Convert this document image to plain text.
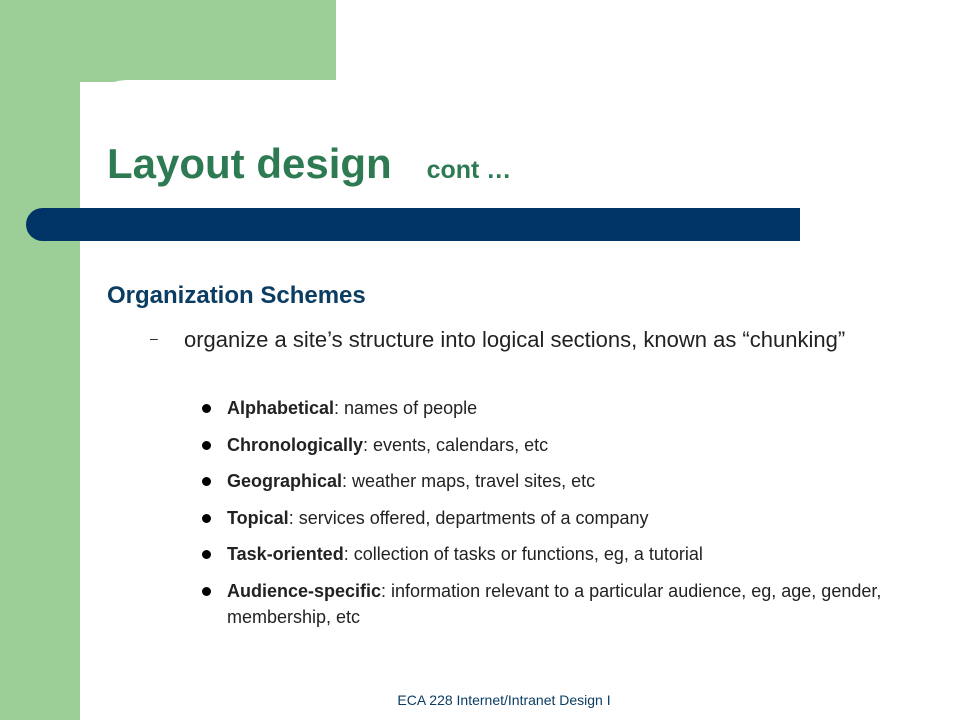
Layout design cont …
Organization Schemes
–	organize a site’s structure into logical sections, known as “chunking”
Alphabetical: names of people
Chronologically: events, calendars, etc
Geographical: weather maps, travel sites, etc
Topical: services offered, departments of a company
Task-oriented: collection of tasks or functions, eg, a tutorial
Audience-specific: information relevant to a particular audience, eg, age, gender, membership, etc
ECA 228 Internet/Intranet Design I
